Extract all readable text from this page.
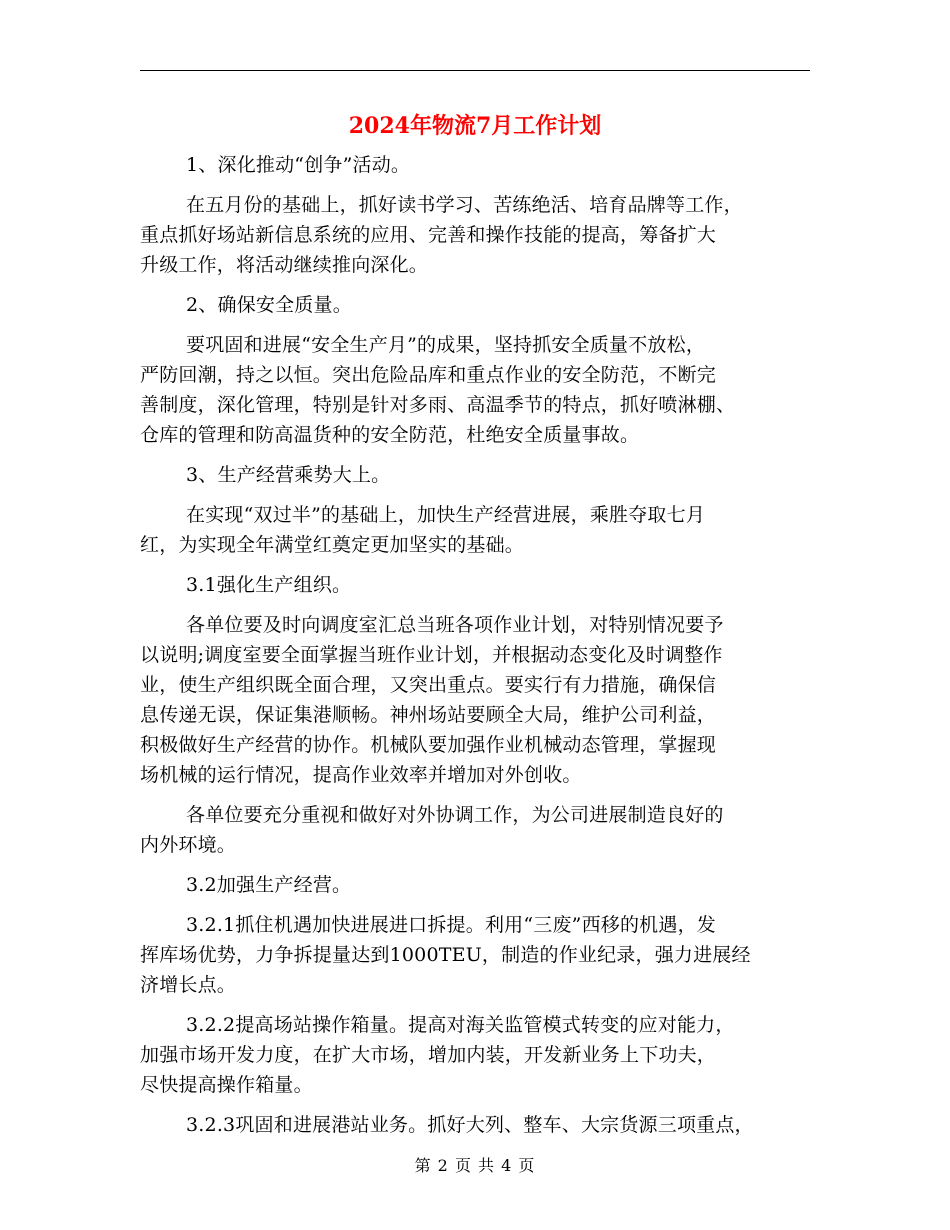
2024年物流7月工作计划

1、深化推动“创争”活动。

在五月份的基础上，抓好读书学习、苦练绝活、培育品牌等工作，
重点抓好场站新信息系统的应用、完善和操作技能的提高，筹备扩大
升级工作，将活动继续推向深化。

2、确保安全质量。

要巩固和进展“安全生产月”的成果，坚持抓安全质量不放松，
严防回潮，持之以恒。突出危险品库和重点作业的安全防范，不断完
善制度，深化管理，特别是针对多雨、高温季节的特点，抓好喷淋棚、
仓库的管理和防高温货种的安全防范，杜绝安全质量事故。

3、生产经营乘势大上。

在实现“双过半”的基础上，加快生产经营进展，乘胜夺取七月
红，为实现全年满堂红奠定更加坚实的基础。

3.1强化生产组织。

各单位要及时向调度室汇总当班各项作业计划，对特别情况要予
以说明;调度室要全面掌握当班作业计划，并根据动态变化及时调整作
业，使生产组织既全面合理，又突出重点。要实行有力措施，确保信
息传递无误，保证集港顺畅。神州场站要顾全大局，维护公司利益，
积极做好生产经营的协作。机械队要加强作业机械动态管理，掌握现
场机械的运行情况，提高作业效率并增加对外创收。

各单位要充分重视和做好对外协调工作，为公司进展制造良好的
内外环境。

3.2加强生产经营。

3.2.1抓住机遇加快进展进口拆提。利用“三废”西移的机遇，发
挥库场优势，力争拆提量达到1000TEU，制造的作业纪录，强力进展经
济增长点。

3.2.2提高场站操作箱量。提高对海关监管模式转变的应对能力，
加强市场开发力度，在扩大市场，增加内装，开发新业务上下功夫，
尽快提高操作箱量。

3.2.3巩固和进展港站业务。抓好大列、整车、大宗货源三项重点，

第 2 页 共 4 页
